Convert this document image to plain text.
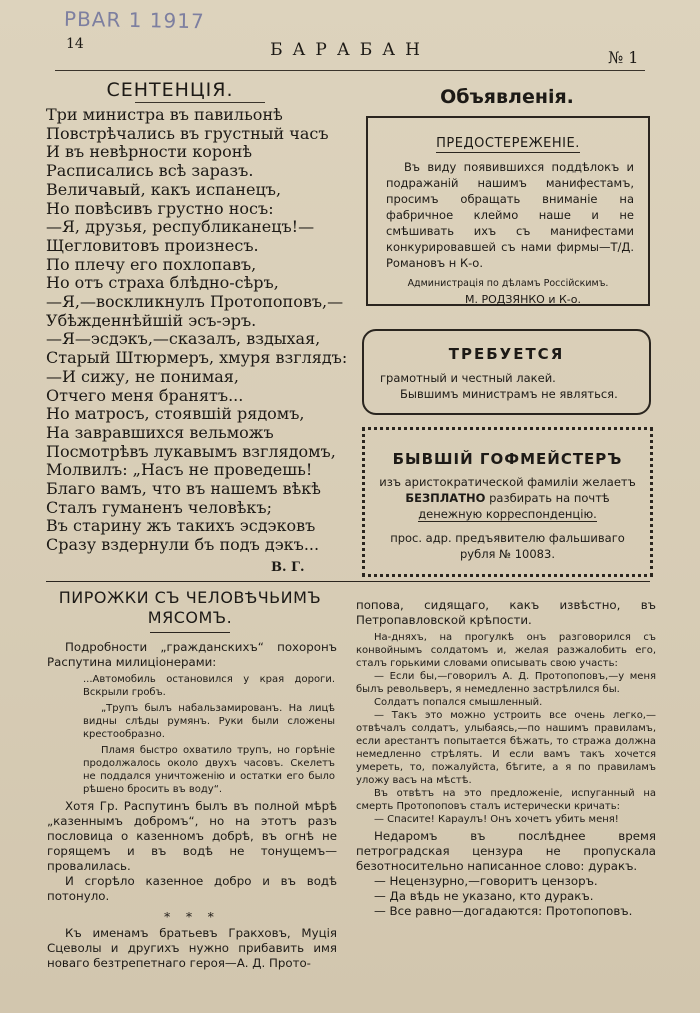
PBAR 1 1917
14	БАРАБАН	№ 1
СЕНТЕНЦІЯ.
Три министра въ павильонѣ
Повстрѣчались въ грустный часъ
И въ невѣрности коронѣ
Расписались всѣ заразъ.
Величавый, какъ испанецъ,
Но повѣсивъ грустно носъ:
—Я, друзья, республиканецъ!—
Щегловитовъ произнесъ.
По плечу его похлопавъ,
Но отъ страха блѣдно-сѣръ,
—Я,—воскликнулъ Протопоповъ,—
Убѣжденнѣйшій эсъ-эръ.
—Я—эсдэкъ,—сказалъ, вздыхая,
Старый Штюрмеръ, хмуря взглядъ:
—И сижу, не понимая,
Отчего меня бранятъ...
Но матросъ, стоявшій рядомъ,
На завравшихся вельможъ
Посмотрѣвъ лукавымъ взглядомъ,
Молвилъ: „Насъ не проведешь!
Благо вамъ, что въ нашемъ вѣкѣ
Сталъ гуманенъ человѣкъ;
Въ старину жъ такихъ эсдэковъ
Сразу вздернули бъ подъ дэкъ...
В. Г.
Объявленія.
ПРЕДОСТЕРЕЖЕНІЕ.
Въ виду появившихся поддѣлокъ и подражаній нашимъ манифестамъ, просимъ обращать вниманіе на фабричное клеймо наше и не смѣшивать ихъ съ манифестами конкурировавшей съ нами фирмы—Т/Д. Романовъ н К-о.
Администрація по дѣламъ Россійскимъ.
М. РОДЗЯНКО и К-о.
ТРЕБУЕТСЯ
грамотный и честный лакей.
Бывшимъ министрамъ не являться.
БЫВШІЙ ГОФМЕЙСТЕРЪ
изъ аристократической фамиліи желаетъ БЕЗПЛАТНО разбирать на почтѣ денежную корреспонденцію.
прос. адр. предъявителю фальшиваго рубля № 10083.
ПИРОЖКИ СЪ ЧЕЛОВѢЧЬИМЪ
МЯСОМЪ.

Подробности „гражданскихъ“ похоронъ Распутина милиціонерами:

...Автомобиль остановился у края дороги. Вскрыли гробъ.

„Трупъ былъ набальзамированъ. На лицѣ видны слѣды румянъ. Руки были сложены крестообразно.

Пламя быстро охватило трупъ, но горѣніе продолжалось около двухъ часовъ. Скелетъ не поддался уничтоженію и остатки его было рѣшено бросить въ воду“.

Хотя Гр. Распутинъ былъ въ полной мѣрѣ „казеннымъ добромъ“, но на этотъ разъ пословица о казенномъ добрѣ, въ огнѣ не горящемъ и въ водѣ не тонущемъ—провалилась.

И сгорѣло казенное добро и въ водѣ потонуло.

* * *

Къ именамъ братьевъ Гракховъ, Муція Сцеволы и другихъ нужно прибавить имя новаго безтрепетнаго героя—А. Д. Прото-

попова, сидящаго, какъ извѣстно, въ Петропавловской крѣпости.

На-дняхъ, на прогулкѣ онъ разговорился съ конвойнымъ солдатомъ и, желая разжалобить его, сталъ горькими словами описывать свою участь:

— Если бы,—говорилъ А. Д. Протопоповъ,—у меня былъ револьверъ, я немедленно застрѣлился бы.

Солдатъ попался смышленный.

— Такъ это можно устроить все очень легко,—отвѣчалъ солдатъ, улыбаясь,—по нашимъ правиламъ, если арестантъ попытается бѣжать, то стража должна немедленно стрѣлять. И если вамъ такъ хочется умереть, то, пожалуйста, бѣгите, а я по правиламъ уложу васъ на мѣстѣ.

Въ отвѣтъ на это предложеніе, испуганный на смерть Протопоповъ сталъ истерически кричать:

— Спасите! Караулъ! Онъ хочетъ убить меня!

Недаромъ въ послѣднее время петроградская цензура не пропускала безотносительно написанное слово: дуракъ.

— Нецензурно,—говоритъ цензоръ.

— Да вѣдь не указано, кто дуракъ.

— Все равно—догадаются: Протопоповъ.
